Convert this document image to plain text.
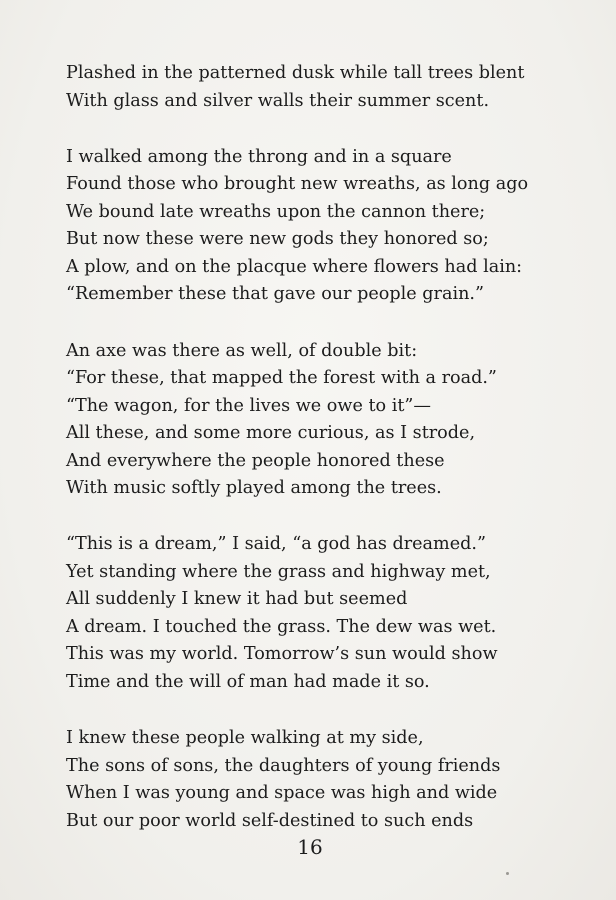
Plashed in the patterned dusk while tall trees blent
With glass and silver walls their summer scent.
I walked among the throng and in a square
Found those who brought new wreaths, as long ago
We bound late wreaths upon the cannon there;
But now these were new gods they honored so;
A plow, and on the placque where flowers had lain:
“Remember these that gave our people grain.”
An axe was there as well, of double bit:
“For these, that mapped the forest with a road.”
“The wagon, for the lives we owe to it”—
All these, and some more curious, as I strode,
And everywhere the people honored these
With music softly played among the trees.
“This is a dream,” I said, “a god has dreamed.”
Yet standing where the grass and highway met,
All suddenly I knew it had but seemed
A dream. I touched the grass. The dew was wet.
This was my world. Tomorrow’s sun would show
Time and the will of man had made it so.
I knew these people walking at my side,
The sons of sons, the daughters of young friends
When I was young and space was high and wide
But our poor world self-destined to such ends
16
